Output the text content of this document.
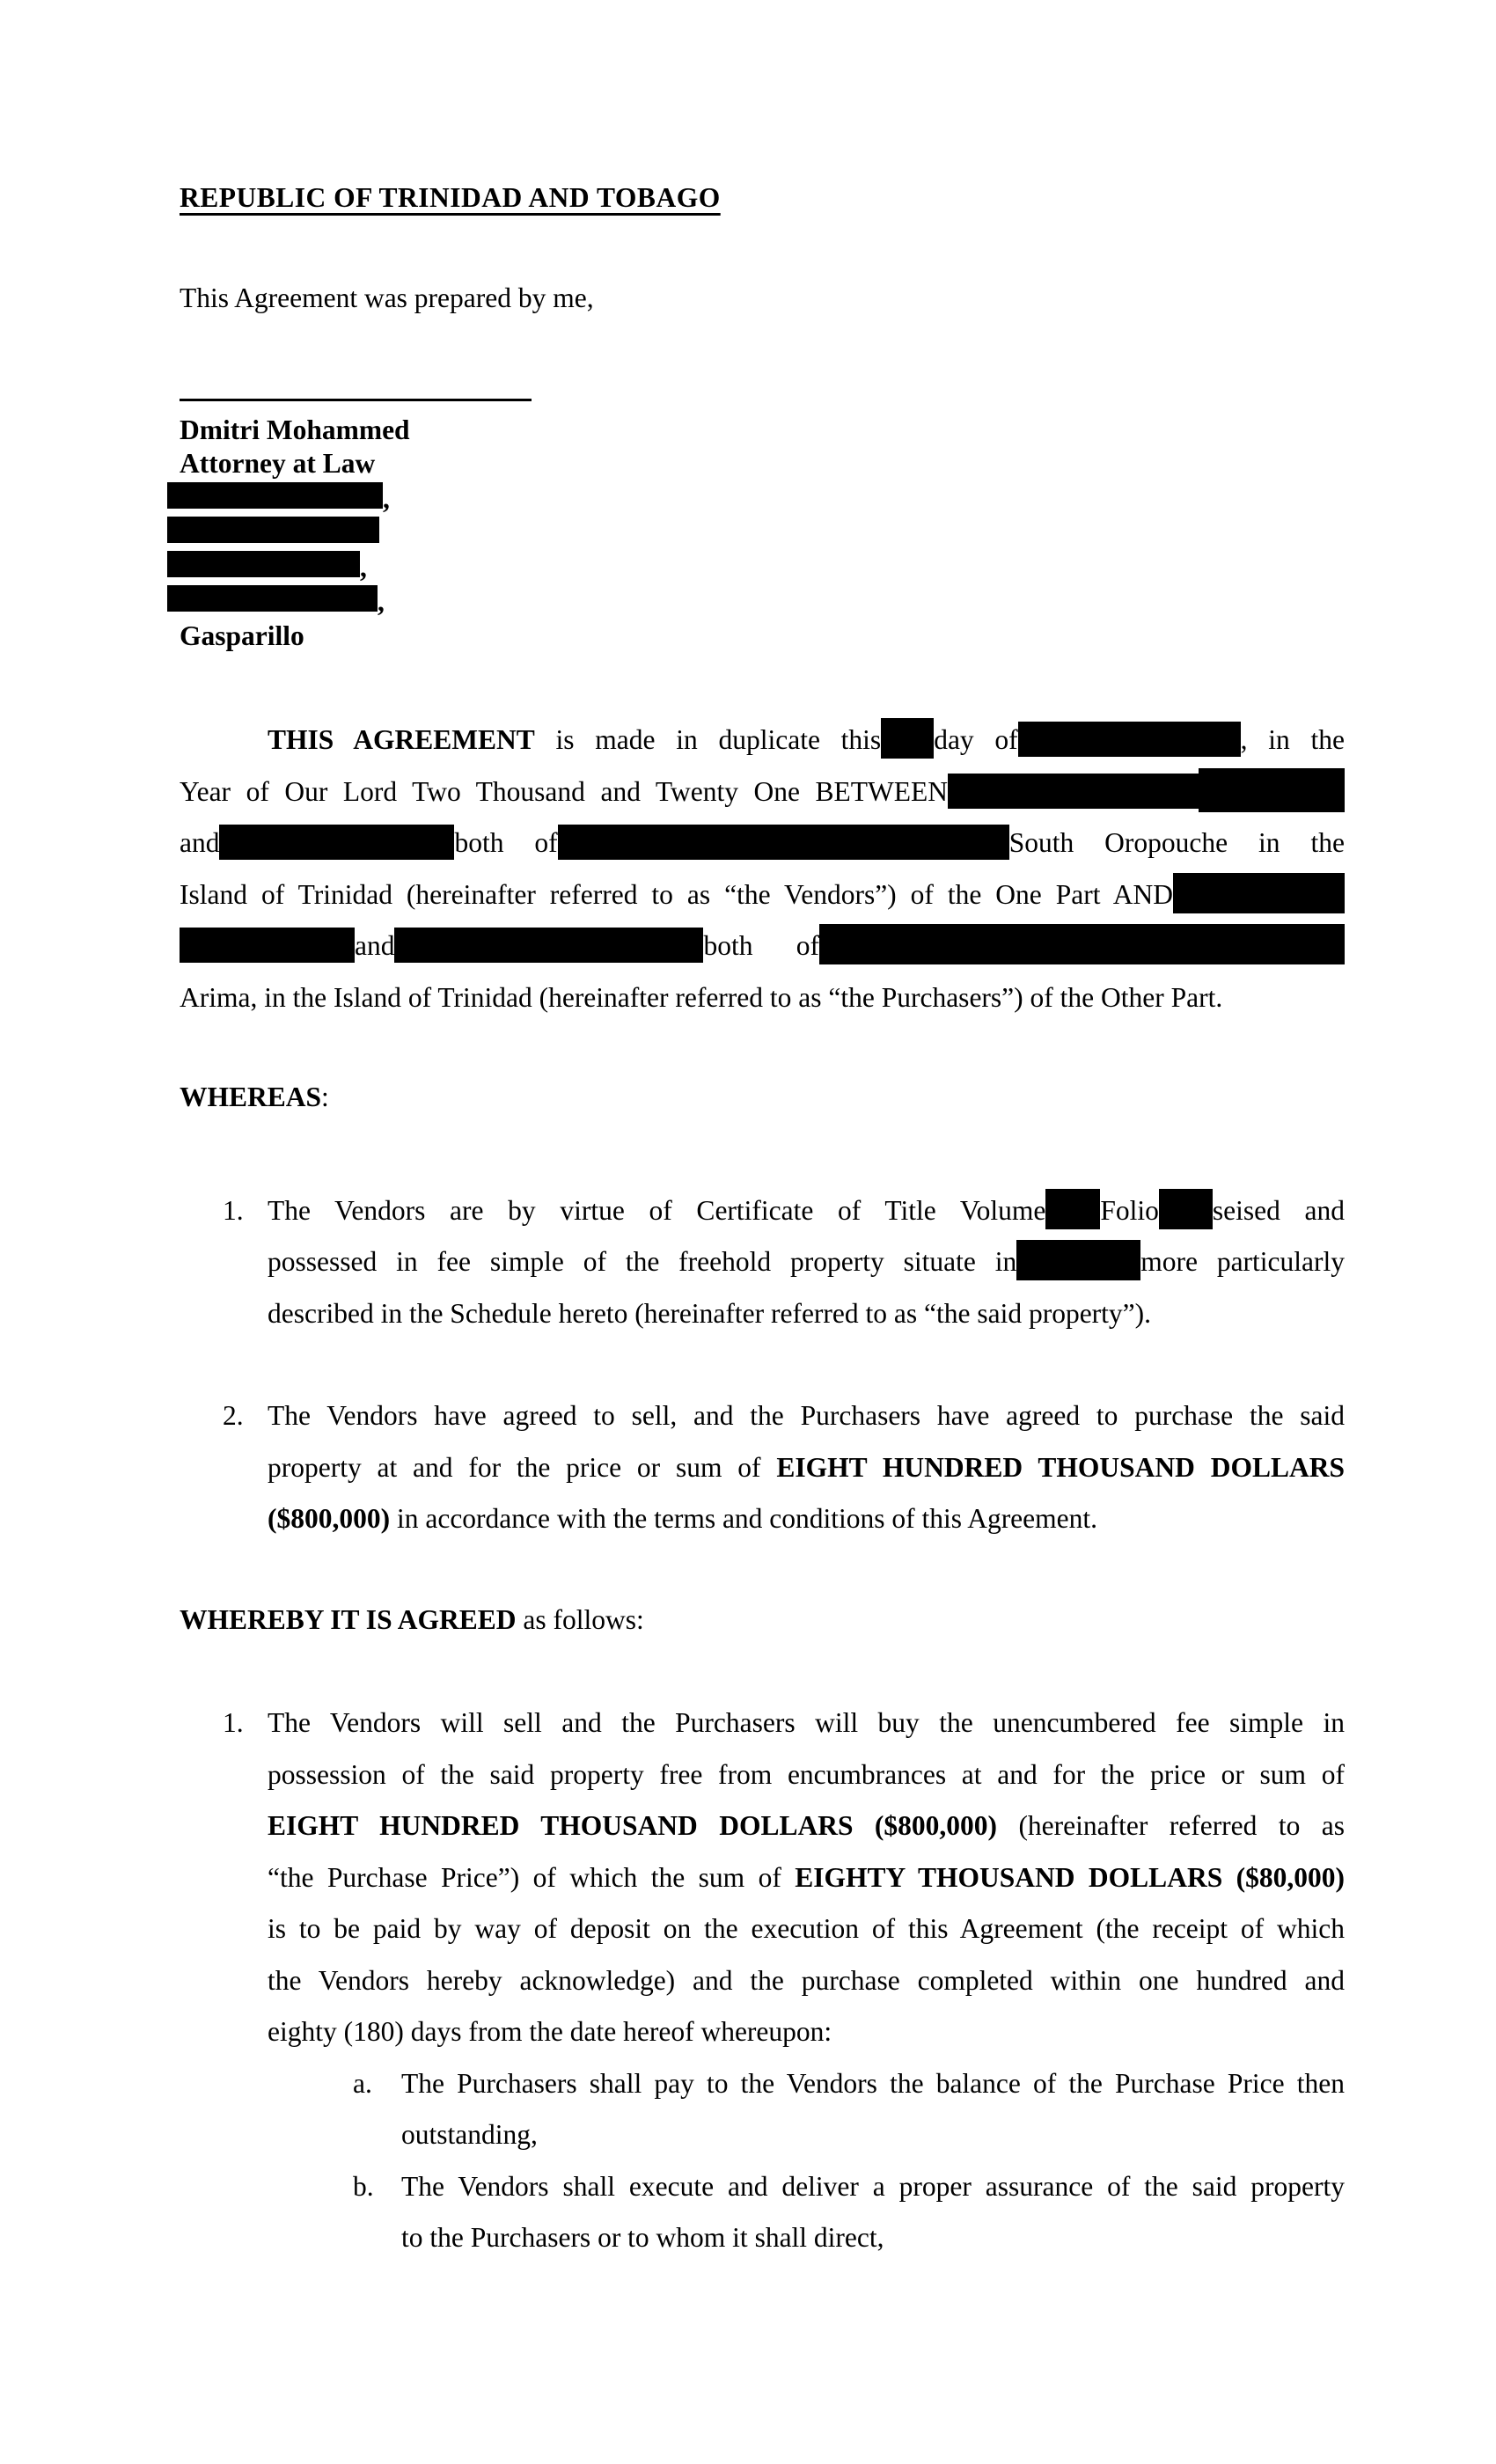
REPUBLIC OF TRINIDAD AND TOBAGO
This Agreement was prepared by me,
Dmitri Mohammed
Attorney at Law
,
,
,
Gasparillo
THIS AGREEMENT is made in duplicate this day of	, in the
Year of Our Lord Two Thousand and Twenty One BETWEEN
and	both of	South Oropouche in the
Island of Trinidad (hereinafter referred to as “the Vendors”) of the One Part AND
and	both of
Arima, in the Island of Trinidad (hereinafter referred to as “the Purchasers”) of the Other Part.
WHEREAS:
1. The Vendors are by virtue of Certificate of Title Volume Folio seised and
possessed in fee simple of the freehold property situate in	more particularly
described in the Schedule hereto (hereinafter referred to as “the said property”).
2. The Vendors have agreed to sell, and the Purchasers have agreed to purchase the said
property at and for the price or sum of EIGHT HUNDRED THOUSAND DOLLARS
($800,000) in accordance with the terms and conditions of this Agreement.
WHEREBY IT IS AGREED as follows:
1. The Vendors will sell and the Purchasers will buy the unencumbered fee simple in
possession of the said property free from encumbrances at and for the price or sum of
EIGHT HUNDRED THOUSAND DOLLARS ($800,000) (hereinafter referred to as
“the Purchase Price”) of which the sum of EIGHTY THOUSAND DOLLARS ($80,000)
is to be paid by way of deposit on the execution of this Agreement (the receipt of which
the Vendors hereby acknowledge) and the purchase completed within one hundred and
eighty (180) days from the date hereof whereupon:
a. The Purchasers shall pay to the Vendors the balance of the Purchase Price then
outstanding,
b. The Vendors shall execute and deliver a proper assurance of the said property
to the Purchasers or to whom it shall direct,
